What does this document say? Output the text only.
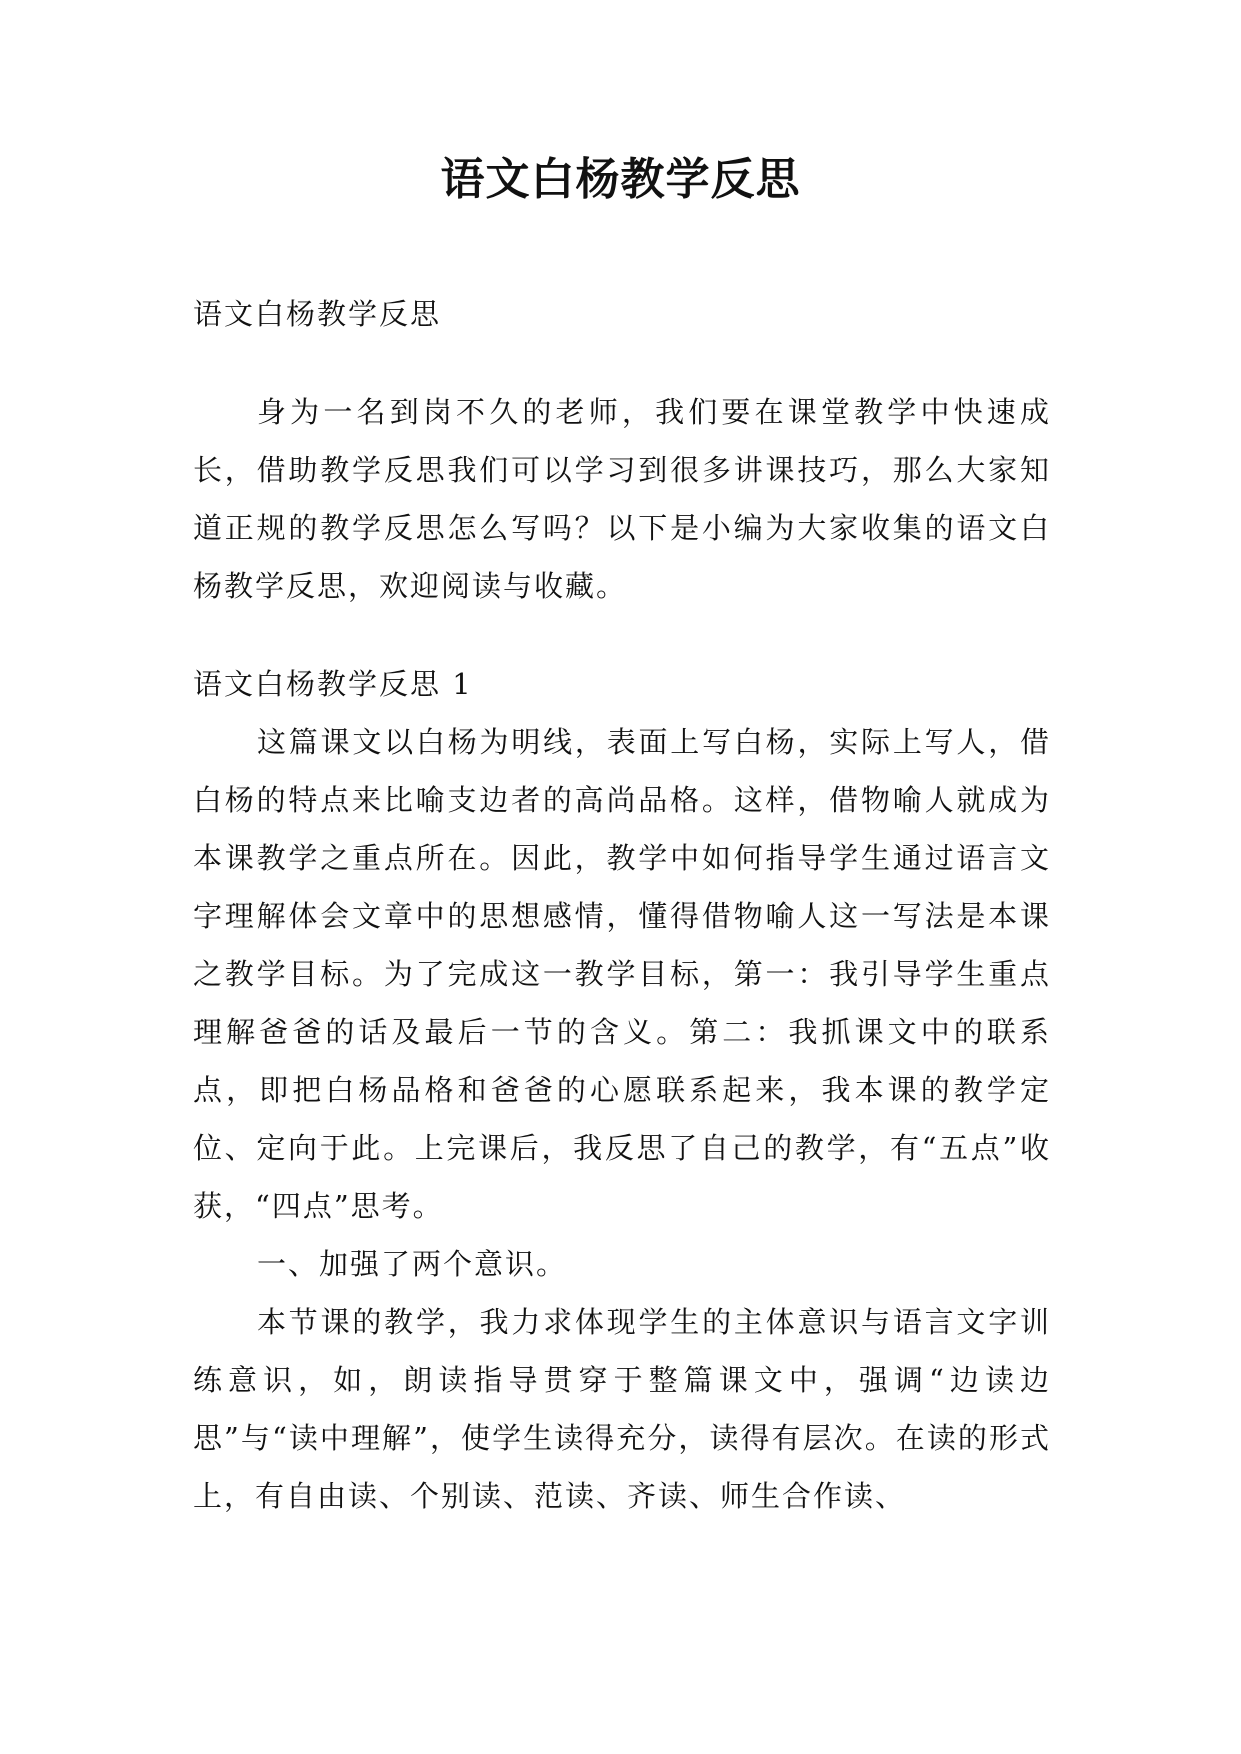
语文白杨教学反思

语文白杨教学反思

身为一名到岗不久的老师，我们要在课堂教学中快速成长，借助教学反思我们可以学习到很多讲课技巧，那么大家知道正规的教学反思怎么写吗？以下是小编为大家收集的语文白杨教学反思，欢迎阅读与收藏。

语文白杨教学反思 1

这篇课文以白杨为明线，表面上写白杨，实际上写人，借白杨的特点来比喻支边者的高尚品格。这样，借物喻人就成为本课教学之重点所在。因此，教学中如何指导学生通过语言文字理解体会文章中的思想感情，懂得借物喻人这一写法是本课之教学目标。为了完成这一教学目标，第一：我引导学生重点理解爸爸的话及最后一节的含义。第二：我抓课文中的联系点，即把白杨品格和爸爸的心愿联系起来，我本课的教学定位、定向于此。上完课后，我反思了自己的教学，有“五点”收获，“四点”思考。

一、加强了两个意识。

本节课的教学，我力求体现学生的主体意识与语言文字训练意识，如，朗读指导贯穿于整篇课文中，强调“边读边思”与“读中理解”，使学生读得充分，读得有层次。在读的形式上，有自由读、个别读、范读、齐读、师生合作读、
